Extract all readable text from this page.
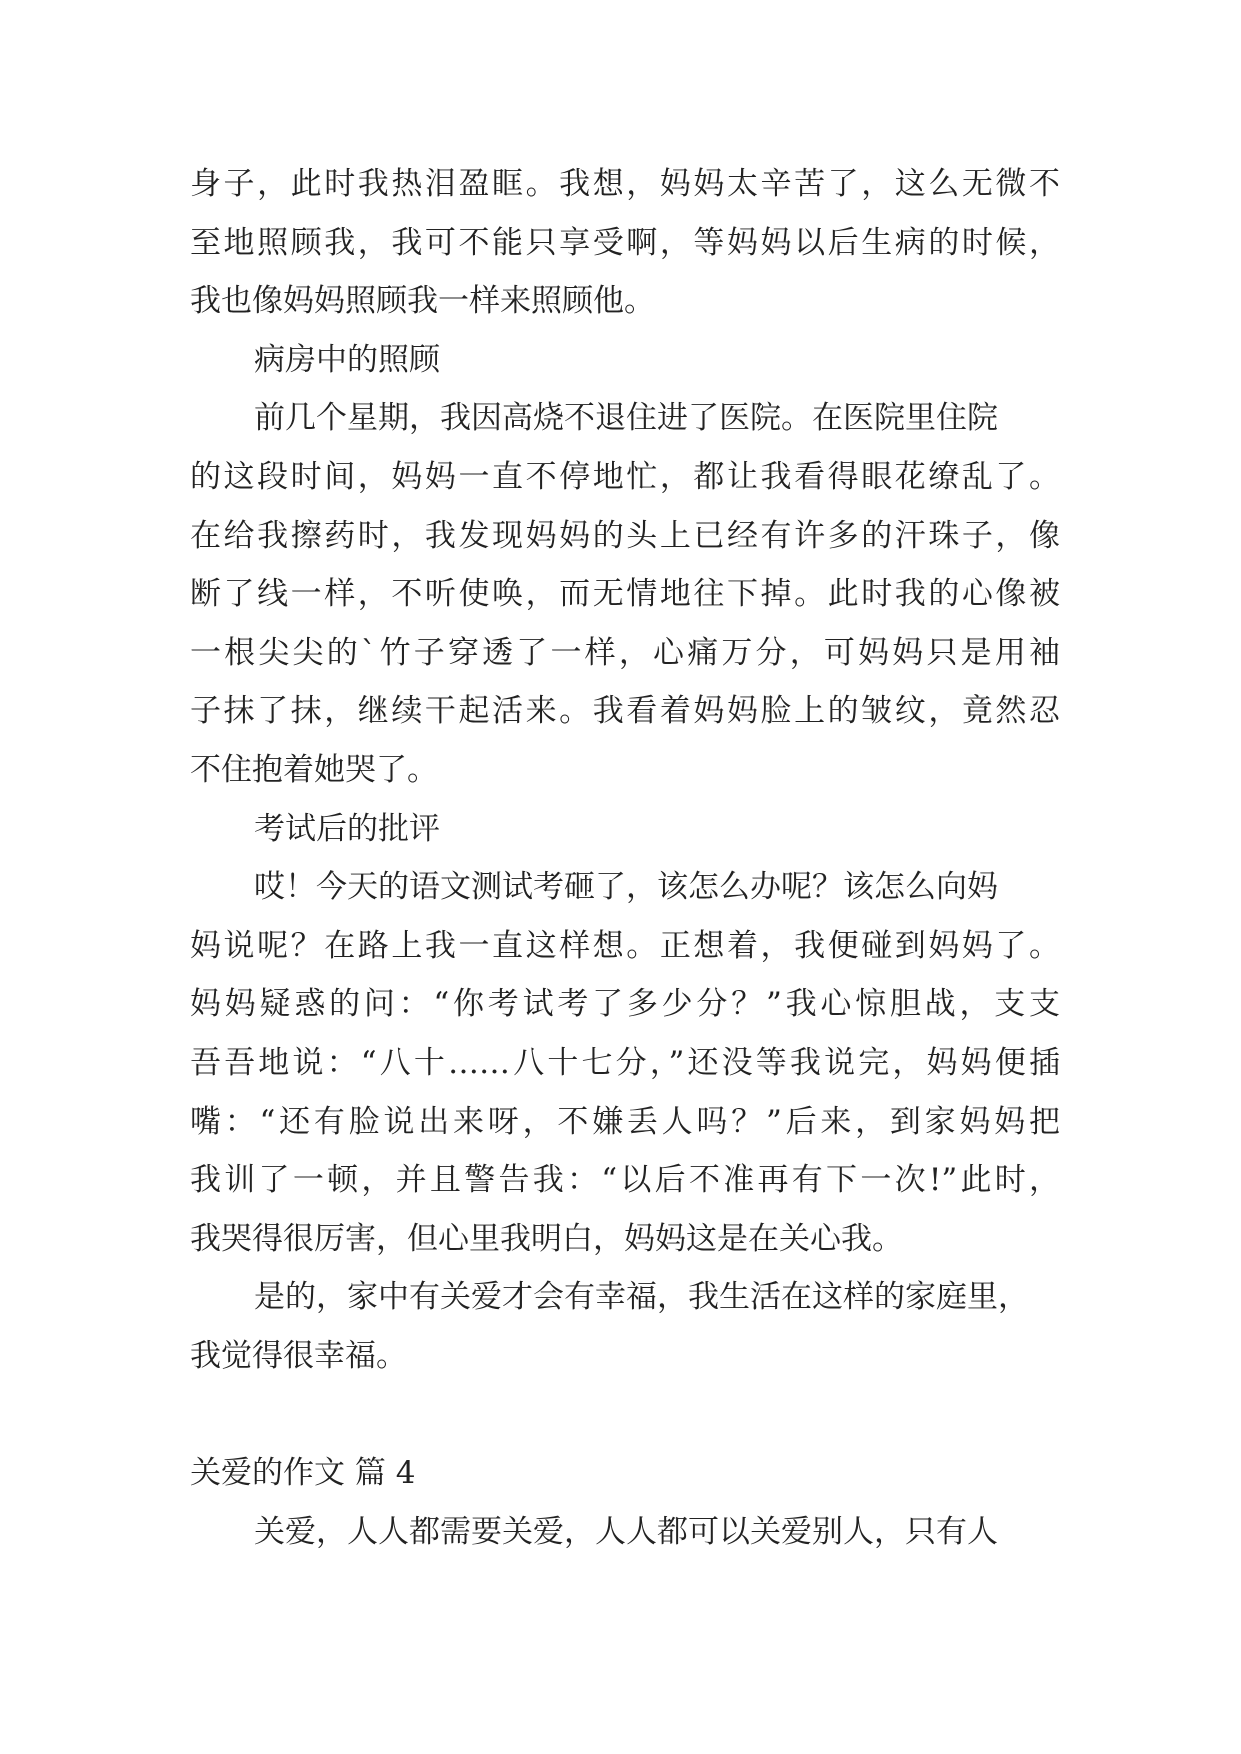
身子，此时我热泪盈眶。我想，妈妈太辛苦了，这么无微不
至地照顾我，我可不能只享受啊，等妈妈以后生病的时候，
我也像妈妈照顾我一样来照顾他。
病房中的照顾
前几个星期，我因高烧不退住进了医院。在医院里住院
的这段时间，妈妈一直不停地忙，都让我看得眼花缭乱了。
在给我擦药时，我发现妈妈的头上已经有许多的汗珠子，像
断了线一样，不听使唤，而无情地往下掉。此时我的心像被
一根尖尖的`竹子穿透了一样，心痛万分，可妈妈只是用袖
子抹了抹，继续干起活来。我看着妈妈脸上的皱纹，竟然忍
不住抱着她哭了。
考试后的批评
哎！今天的语文测试考砸了，该怎么办呢？该怎么向妈
妈说呢？在路上我一直这样想。正想着，我便碰到妈妈了。
妈妈疑惑的问：“你考试考了多少分？”我心惊胆战，支支
吾吾地说：“八十……八十七分，”还没等我说完，妈妈便插
嘴：“还有脸说出来呀，不嫌丢人吗？”后来，到家妈妈把
我训了一顿，并且警告我：“以后不准再有下一次!”此时，
我哭得很厉害，但心里我明白，妈妈这是在关心我。
是的，家中有关爱才会有幸福，我生活在这样的家庭里，
我觉得很幸福。
关爱的作文 篇 4
关爱，人人都需要关爱，人人都可以关爱别人，只有人
